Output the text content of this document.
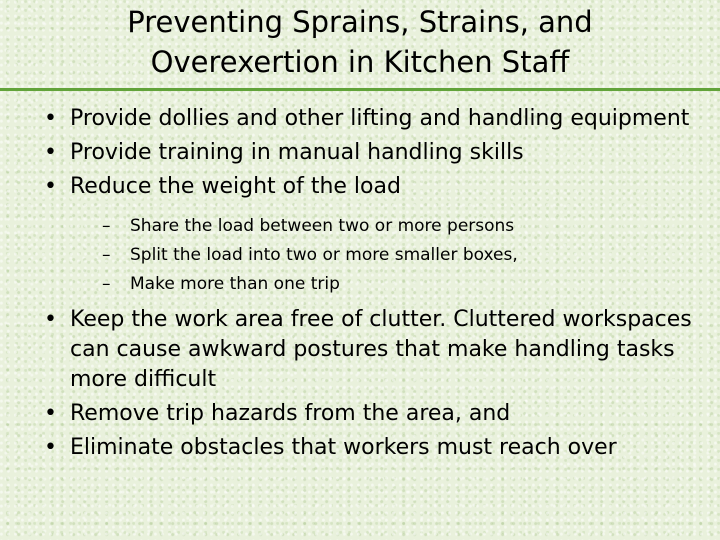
Preventing Sprains, Strains, and Overexertion in Kitchen Staff
• Provide dollies and other lifting and handling equipment
• Provide training in manual handling skills
• Reduce the weight of the load
– Share the load between two or more persons
– Split the load into two or more smaller boxes,
– Make more than one trip
• Keep the work area free of clutter. Cluttered workspaces can cause awkward postures that make handling tasks more difficult
• Remove trip hazards from the area, and
• Eliminate obstacles that workers must reach over
